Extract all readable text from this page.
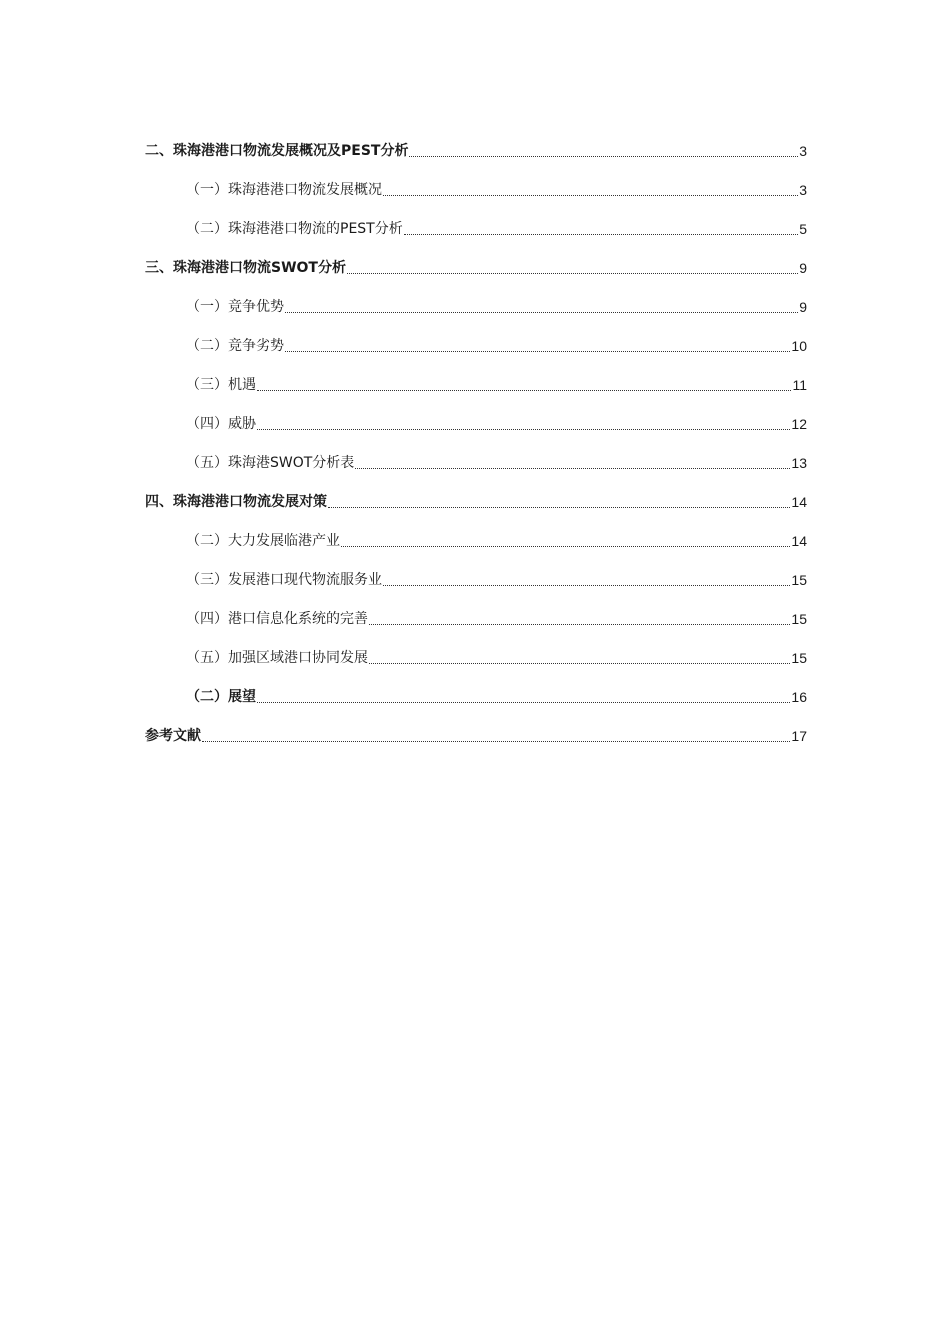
二、珠海港港口物流发展概况及PEST分析	3
（一）珠海港港口物流发展概况	3
（二）珠海港港口物流的PEST分析	5
三、珠海港港口物流SWOT分析	9
（一）竞争优势	9
（二）竞争劣势	10
（三）机遇	11
（四）威胁	12
（五）珠海港SWOT分析表	13
四、珠海港港口物流发展对策	14
（二）大力发展临港产业	14
（三）发展港口现代物流服务业	15
（四）港口信息化系统的完善	15
（五）加强区域港口协同发展	15
（二）展望	16
参考文献	17
